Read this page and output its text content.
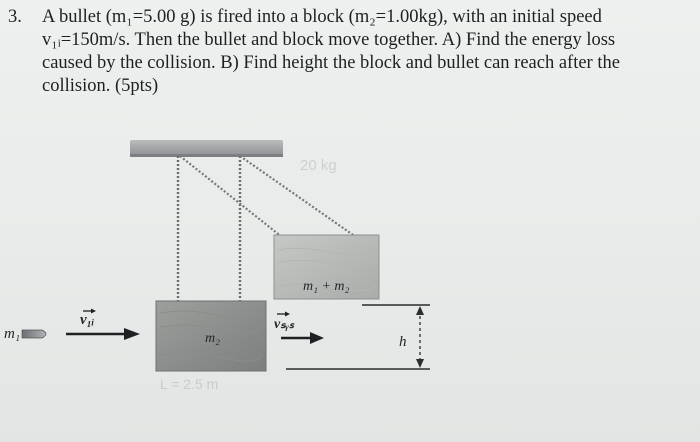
3. A bullet (m₁=5.00 g) is fired into a block (m₂=1.00kg), with an initial speed
v₁ᵢ=150m/s. Then the bullet and block move together. A) Find the energy loss
caused by the collision. B) Find height the block and bullet can reach after the
collision. (5pts)
20 kg
L = 2.5 m
m₁
v₁ᵢ
m₂
m₁ + m₂
vₛᵧₛ
h
